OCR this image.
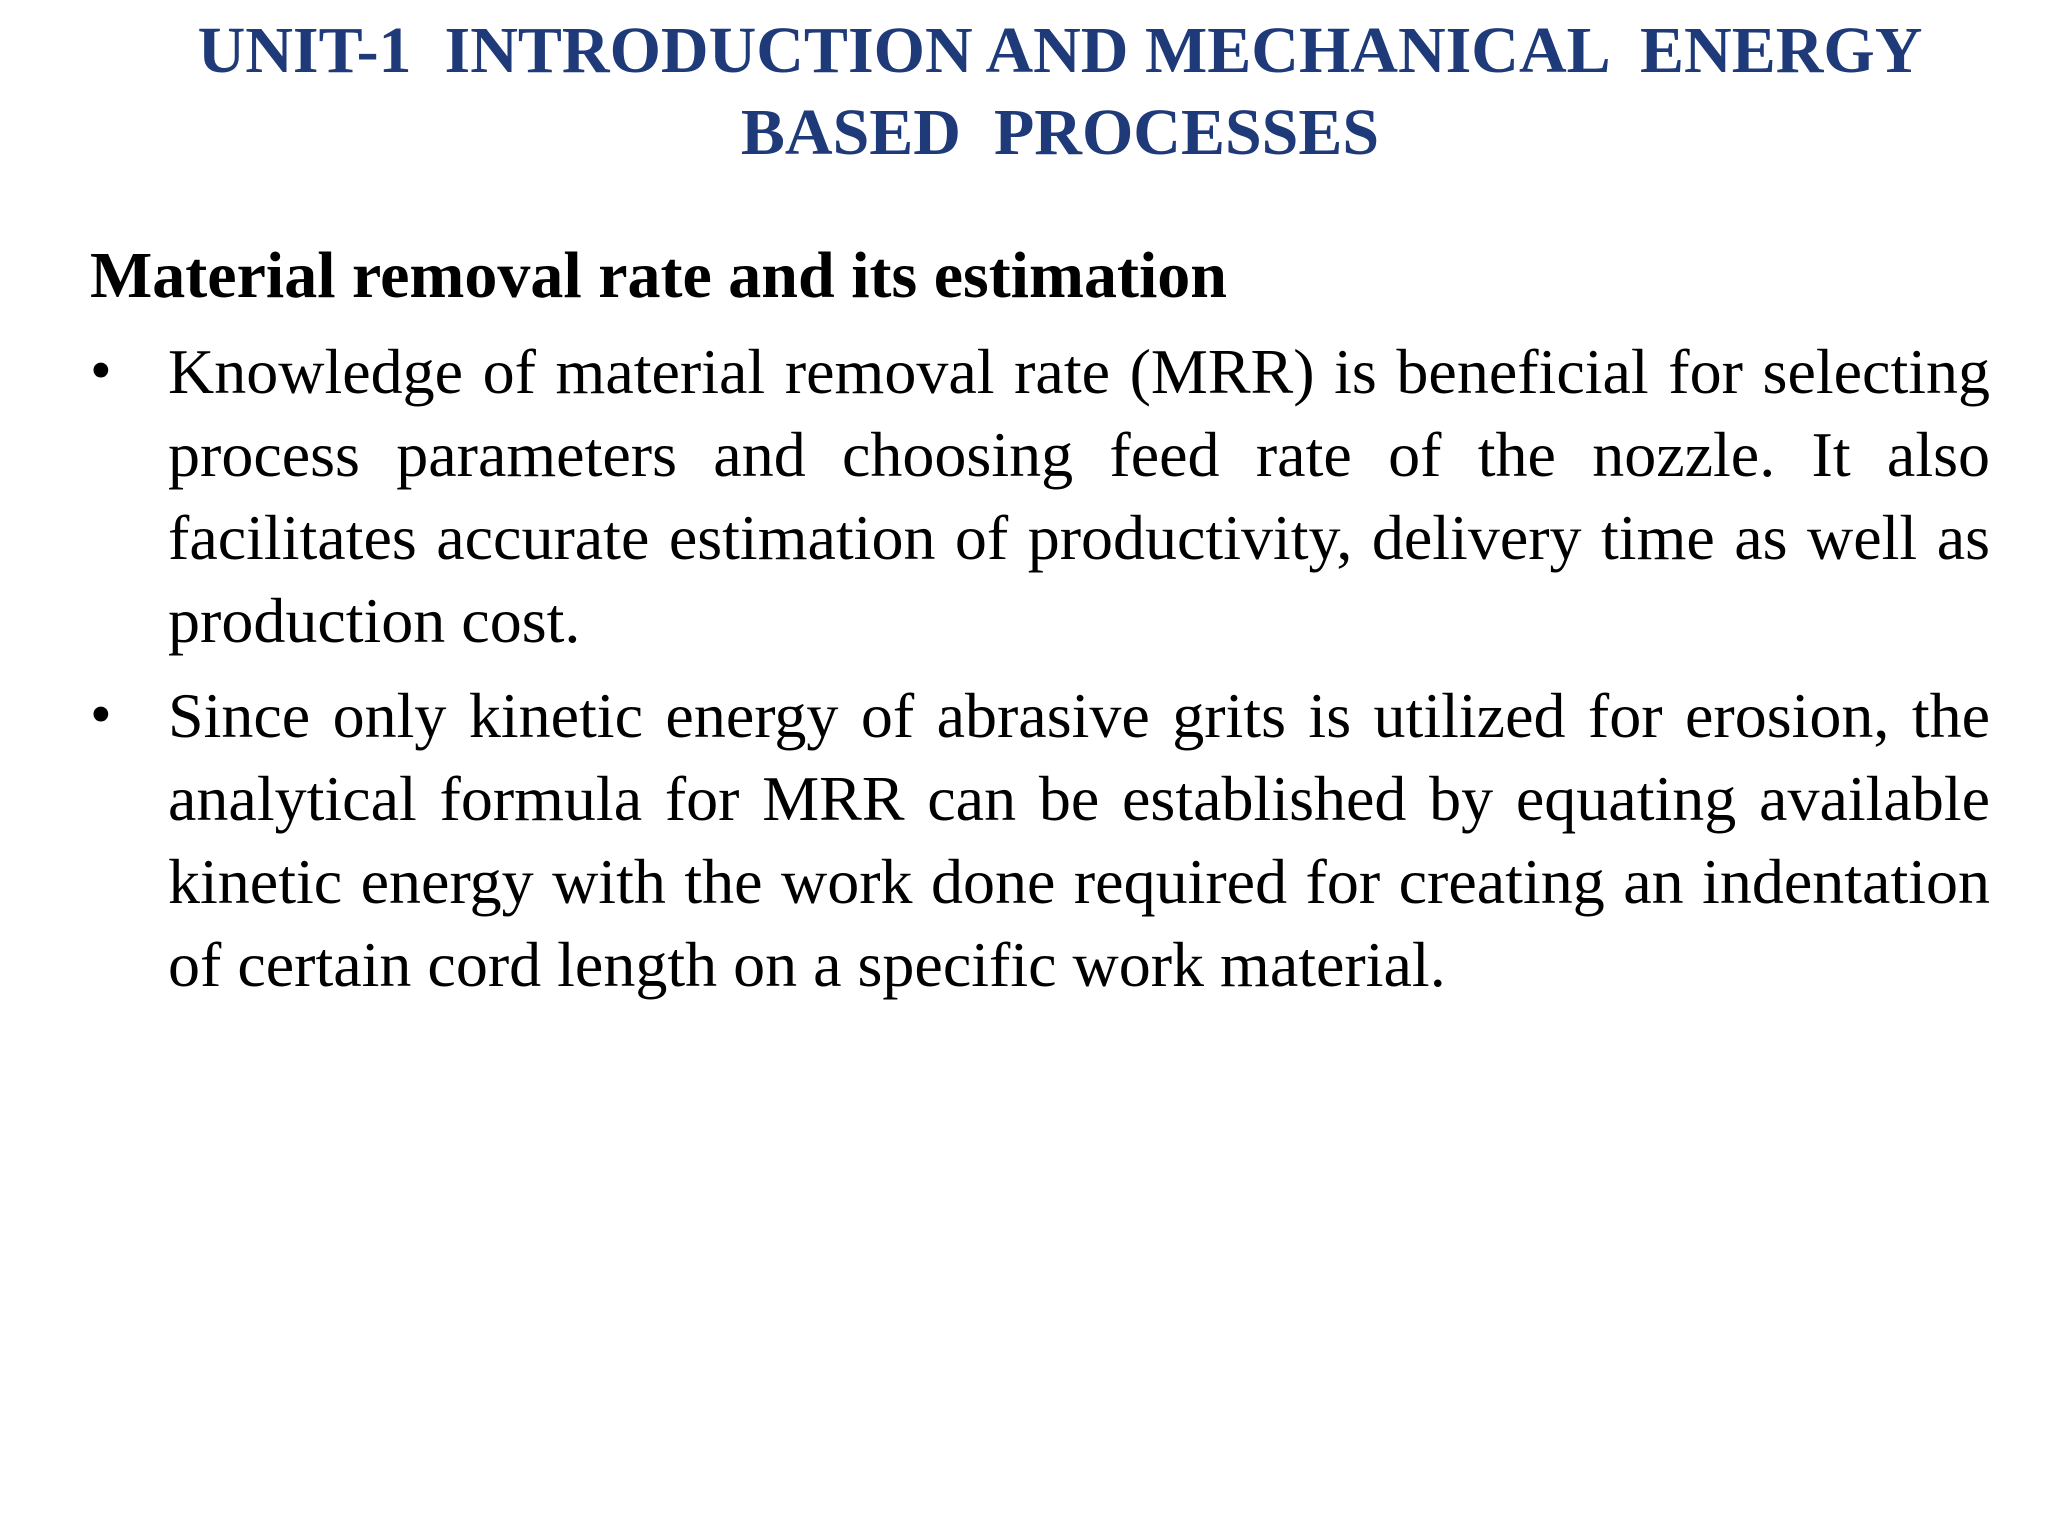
UNIT-1  INTRODUCTION AND MECHANICAL  ENERGY
BASED  PROCESSES
Material removal rate and its estimation
• Knowledge of material removal rate (MRR) is beneficial for selecting process parameters and choosing feed rate of the nozzle. It also facilitates accurate estimation of productivity, delivery time as well as production cost.

• Since only kinetic energy of abrasive grits is utilized for erosion, the analytical formula for MRR can be established by equating available kinetic energy with the work done required for creating an indentation of certain cord length on a specific work material.
